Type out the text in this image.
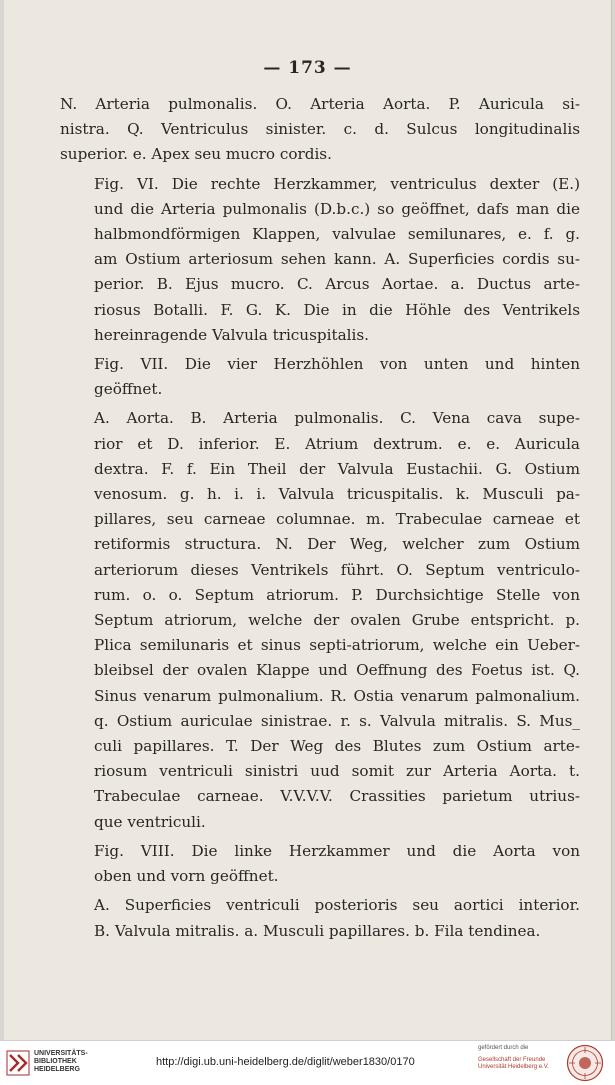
— 173 —

N. Arteria pulmonalis. O. Arteria Aorta. P. Auricula si-
nistra. Q. Ventriculus sinister. c. d. Sulcus longitudinalis
superior. e. Apex seu mucro cordis.

Fig. VI. Die rechte Herzkammer, ventriculus dexter (E.)
und die Arteria pulmonalis (D.b.c.) so geöffnet, dafs man die
halbmondförmigen Klappen, valvulae semilunares, e. f. g.
am Ostium arteriosum sehen kann. A. Superficies cordis su-
perior. B. Ejus mucro. C. Arcus Aortae. a. Ductus arte-
riosus Botalli. F. G. K. Die in die Höhle des Ventrikels
hereinragende Valvula tricuspitalis.

Fig. VII. Die vier Herzhöhlen von unten und hinten
geöffnet.

A. Aorta. B. Arteria pulmonalis. C. Vena cava supe-
rior et D. inferior. E. Atrium dextrum. e. e. Auricula
dextra. F. f. Ein Theil der Valvula Eustachii. G. Ostium
venosum. g. h. i. i. Valvula tricuspitalis. k. Musculi pa-
pillares, seu carneae columnae. m. Trabeculae carneae et
retiformis structura. N. Der Weg, welcher zum Ostium
arteriorum dieses Ventrikels führt. O. Septum ventriculo-
rum. o. o. Septum atriorum. P. Durchsichtige Stelle von
Septum atriorum, welche der ovalen Grube entspricht. p.
Plica semilunaris et sinus septi-atriorum, welche ein Ueber-
bleibsel der ovalen Klappe und Oeffnung des Foetus ist. Q.
Sinus venarum pulmonalium. R. Ostia venarum palmonalium.
q. Ostium auriculae sinistrae. r. s. Valvula mitralis. S. Mus_
culi papillares. T. Der Weg des Blutes zum Ostium arte-
riosum ventriculi sinistri uud somit zur Arteria Aorta. t.
Trabeculae carneae. V.V.V.V. Crassities parietum utrius-
que ventriculi.

Fig. VIII. Die linke Herzkammer und die Aorta von
oben und vorn geöffnet.

A. Superficies ventriculi posterioris seu aortici interior.
B. Valvula mitralis. a. Musculi papillares. b. Fila tendinea.

UNIVERSITÄTS-
BIBLIOTHEK
HEIDELBERG
http://digi.ub.uni-heidelberg.de/diglit/weber1830/0170
gefördert durch die
Gesellschaft der Freunde
Universität Heidelberg e.V.
